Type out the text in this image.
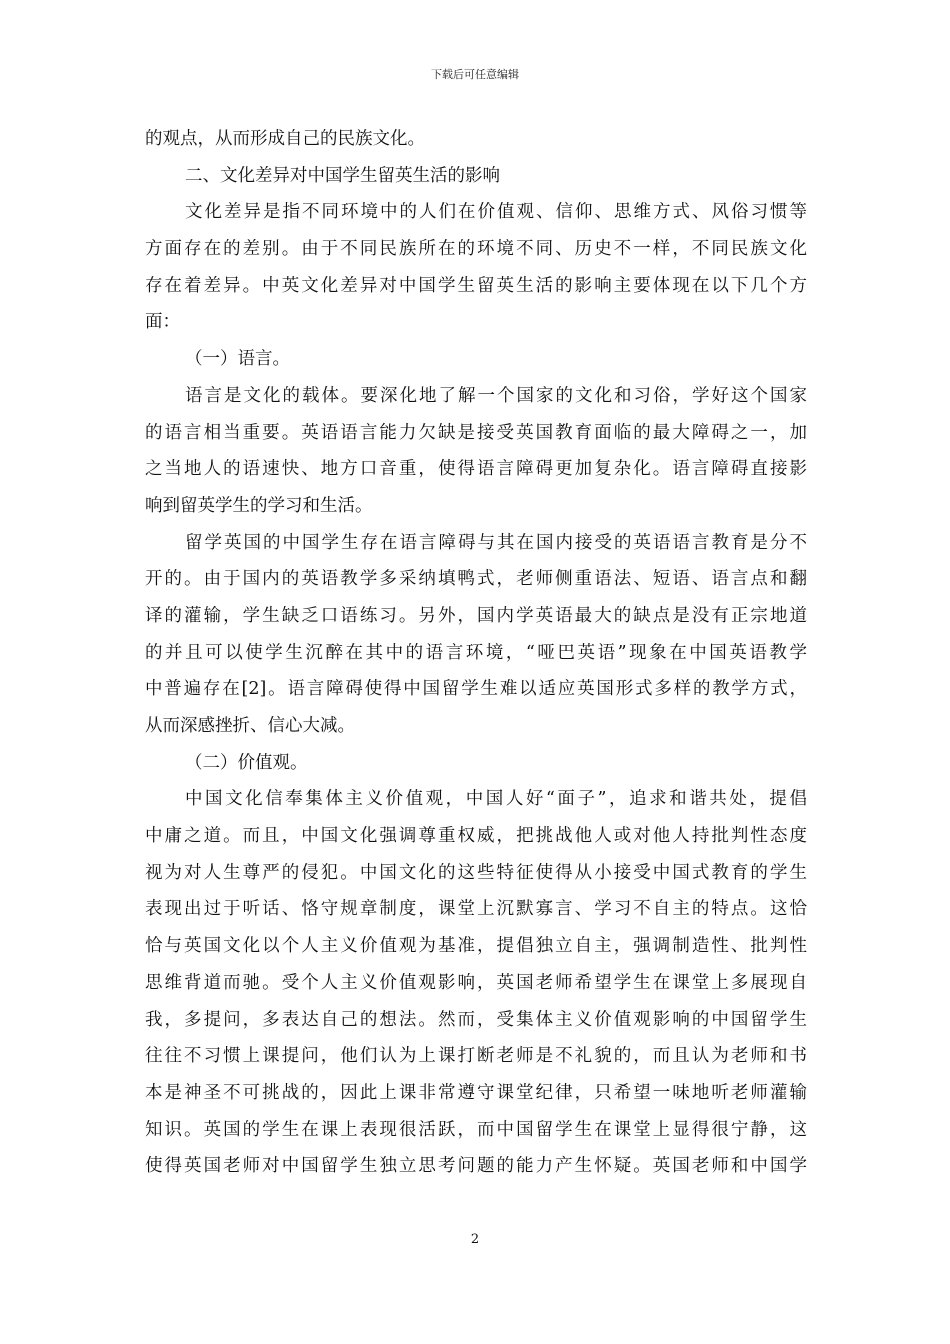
下载后可任意编辑
的观点，从而形成自己的民族文化。
二、文化差异对中国学生留英生活的影响
文化差异是指不同环境中的人们在价值观、信仰、思维方式、风俗习惯等
方面存在的差别。由于不同民族所在的环境不同、历史不一样，不同民族文化
存在着差异。中英文化差异对中国学生留英生活的影响主要体现在以下几个方
面：
（一）语言。
语言是文化的载体。要深化地了解一个国家的文化和习俗，学好这个国家
的语言相当重要。英语语言能力欠缺是接受英国教育面临的最大障碍之一，加
之当地人的语速快、地方口音重，使得语言障碍更加复杂化。语言障碍直接影
响到留英学生的学习和生活。
留学英国的中国学生存在语言障碍与其在国内接受的英语语言教育是分不
开的。由于国内的英语教学多采纳填鸭式，老师侧重语法、短语、语言点和翻
译的灌输，学生缺乏口语练习。另外，国内学英语最大的缺点是没有正宗地道
的并且可以使学生沉醉在其中的语言环境，“哑巴英语”现象在中国英语教学
中普遍存在[2]。语言障碍使得中国留学生难以适应英国形式多样的教学方式，
从而深感挫折、信心大减。
（二）价值观。
中国文化信奉集体主义价值观，中国人好“面子”，追求和谐共处，提倡
中庸之道。而且，中国文化强调尊重权威，把挑战他人或对他人持批判性态度
视为对人生尊严的侵犯。中国文化的这些特征使得从小接受中国式教育的学生
表现出过于听话、恪守规章制度，课堂上沉默寡言、学习不自主的特点。这恰
恰与英国文化以个人主义价值观为基准，提倡独立自主，强调制造性、批判性
思维背道而驰。受个人主义价值观影响，英国老师希望学生在课堂上多展现自
我，多提问，多表达自己的想法。然而，受集体主义价值观影响的中国留学生
往往不习惯上课提问，他们认为上课打断老师是不礼貌的，而且认为老师和书
本是神圣不可挑战的，因此上课非常遵守课堂纪律，只希望一味地听老师灌输
知识。英国的学生在课上表现很活跃，而中国留学生在课堂上显得很宁静，这
使得英国老师对中国留学生独立思考问题的能力产生怀疑。英国老师和中国学
2
